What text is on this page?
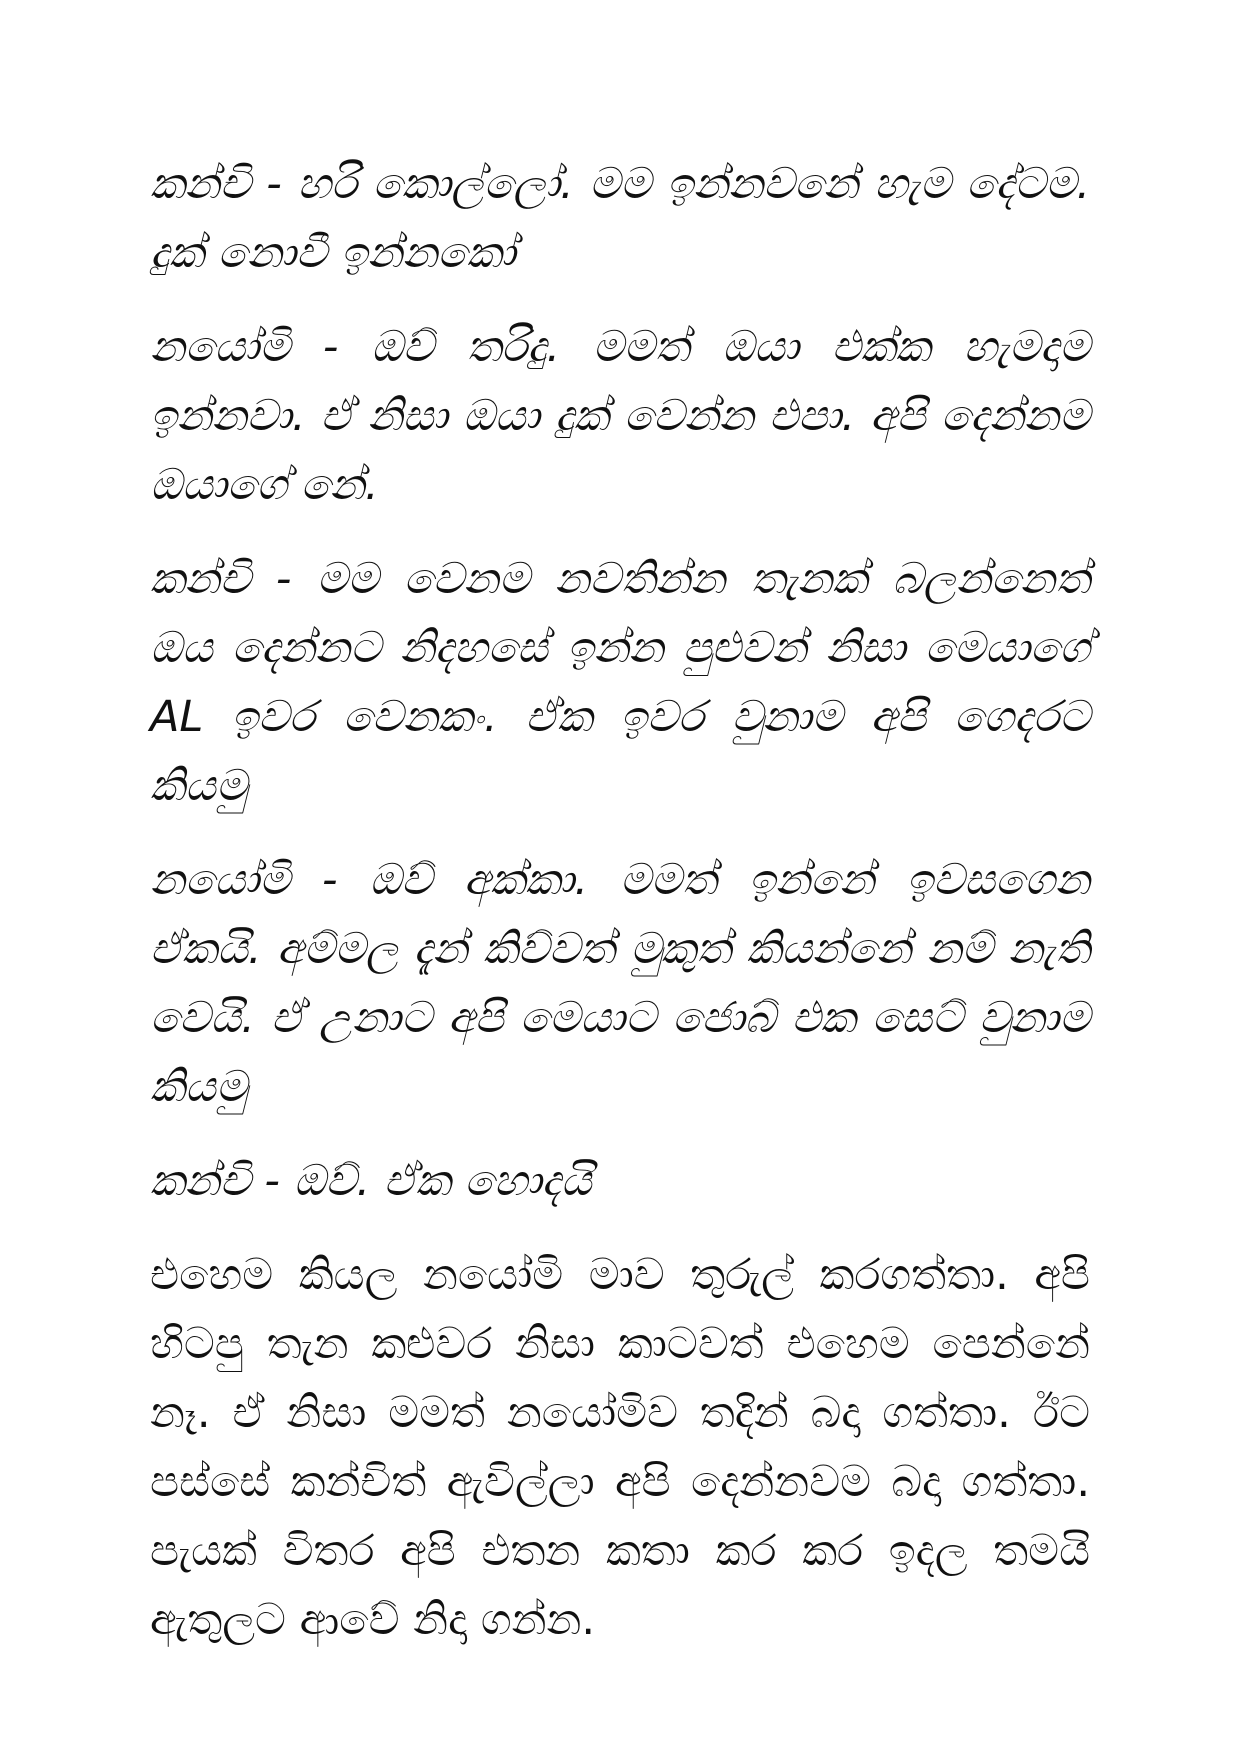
කන්චි - හරි කොල්ලෝ. මම ඉන්නවනේ හැම දේටම. දුක් නොවී ඉන්නකෝ

නයෝමි - ඔව් තරිදු. මමත් ඔයා එක්ක හැමදාම ඉන්නවා. ඒ නිසා ඔයා දුක් වෙන්න එපා. අපි දෙන්නම ඔයාගේ නේ.

කන්චි - මම වෙනම නවතින්න තැනක් බලන්නෙත් ඔය දෙන්නට නිදහසේ ඉන්න පුළුවන් නිසා මෙයාගේ AL ඉවර වෙනකං. ඒක ඉවර වුනාම අපි ගෙදරට කියමු

නයෝමි - ඔව් අක්කා. මමත් ඉන්නේ ඉවසගෙන ඒකයි. අම්මල දැන් කිව්වත් මුකුත් කියන්නේ නම් නැති වෙයි. ඒ උනාට අපි මෙයාට ජොබ් එක සෙට් වුනාම කියමු

කන්චි - ඔව්. ඒක හොදයි

එහෙම කියල නයෝමි මාව තුරුල් කරගත්තා. අපි හිටපු තැන කළුවර නිසා කාටවත් එහෙම පෙන්නේ නෑ. ඒ නිසා මමත් නයෝමිව තදින් බදා ගත්තා. ඊට පස්සේ කන්චිත් ඇවිල්ලා අපි දෙන්නවම බදා ගත්තා. පැයක් විතර අපි එතන කතා කර කර ඉදල තමයි ඇතුලට ආවේ නිදා ගන්න.
